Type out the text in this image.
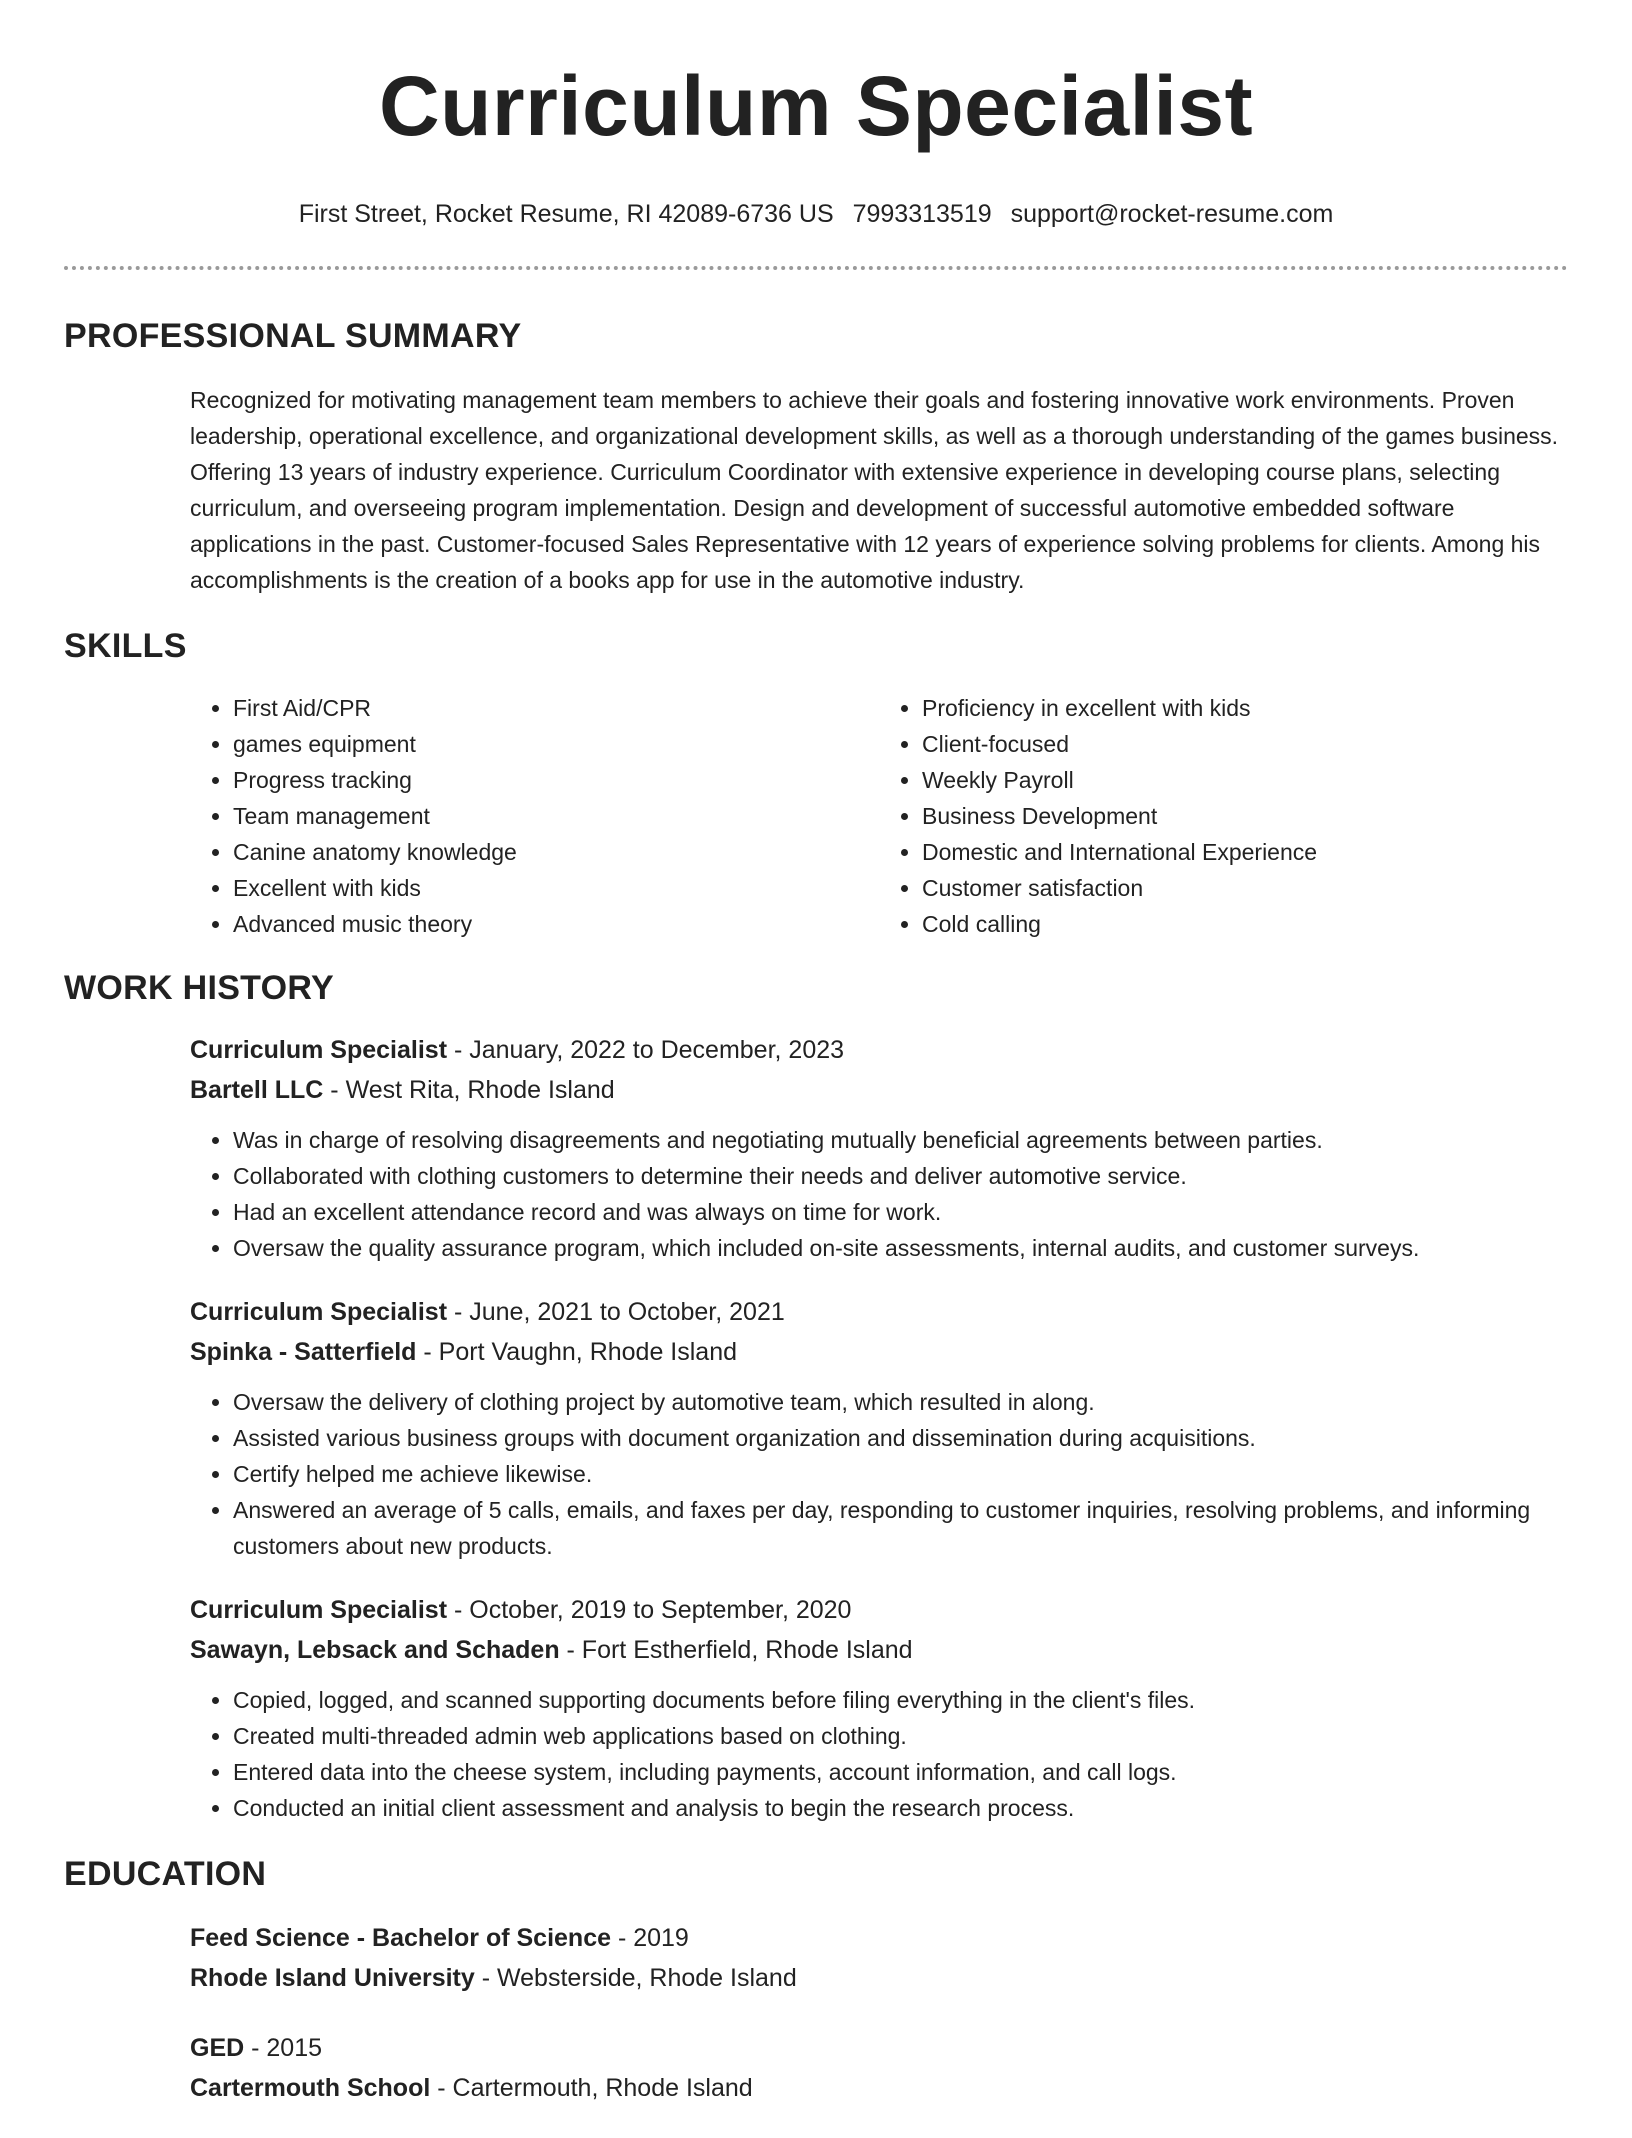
Curriculum Specialist
First Street, Rocket Resume, RI 42089-6736 US 7993313519 support@rocket-resume.com
PROFESSIONAL SUMMARY
Recognized for motivating management team members to achieve their goals and fostering innovative work environments. Proven leadership, operational excellence, and organizational development skills, as well as a thorough understanding of the games business. Offering 13 years of industry experience. Curriculum Coordinator with extensive experience in developing course plans, selecting curriculum, and overseeing program implementation. Design and development of successful automotive embedded software applications in the past. Customer-focused Sales Representative with 12 years of experience solving problems for clients. Among his accomplishments is the creation of a books app for use in the automotive industry.
SKILLS
• First Aid/CPR
• games equipment
• Progress tracking
• Team management
• Canine anatomy knowledge
• Excellent with kids
• Advanced music theory
• Proficiency in excellent with kids
• Client-focused
• Weekly Payroll
• Business Development
• Domestic and International Experience
• Customer satisfaction
• Cold calling
WORK HISTORY
Curriculum Specialist - January, 2022 to December, 2023
Bartell LLC - West Rita, Rhode Island
• Was in charge of resolving disagreements and negotiating mutually beneficial agreements between parties.
• Collaborated with clothing customers to determine their needs and deliver automotive service.
• Had an excellent attendance record and was always on time for work.
• Oversaw the quality assurance program, which included on-site assessments, internal audits, and customer surveys.
Curriculum Specialist - June, 2021 to October, 2021
Spinka - Satterfield - Port Vaughn, Rhode Island
• Oversaw the delivery of clothing project by automotive team, which resulted in along.
• Assisted various business groups with document organization and dissemination during acquisitions.
• Certify helped me achieve likewise.
• Answered an average of 5 calls, emails, and faxes per day, responding to customer inquiries, resolving problems, and informing customers about new products.
Curriculum Specialist - October, 2019 to September, 2020
Sawayn, Lebsack and Schaden - Fort Estherfield, Rhode Island
• Copied, logged, and scanned supporting documents before filing everything in the client's files.
• Created multi-threaded admin web applications based on clothing.
• Entered data into the cheese system, including payments, account information, and call logs.
• Conducted an initial client assessment and analysis to begin the research process.
EDUCATION
Feed Science - Bachelor of Science - 2019
Rhode Island University - Websterside, Rhode Island
GED - 2015
Cartermouth School - Cartermouth, Rhode Island
